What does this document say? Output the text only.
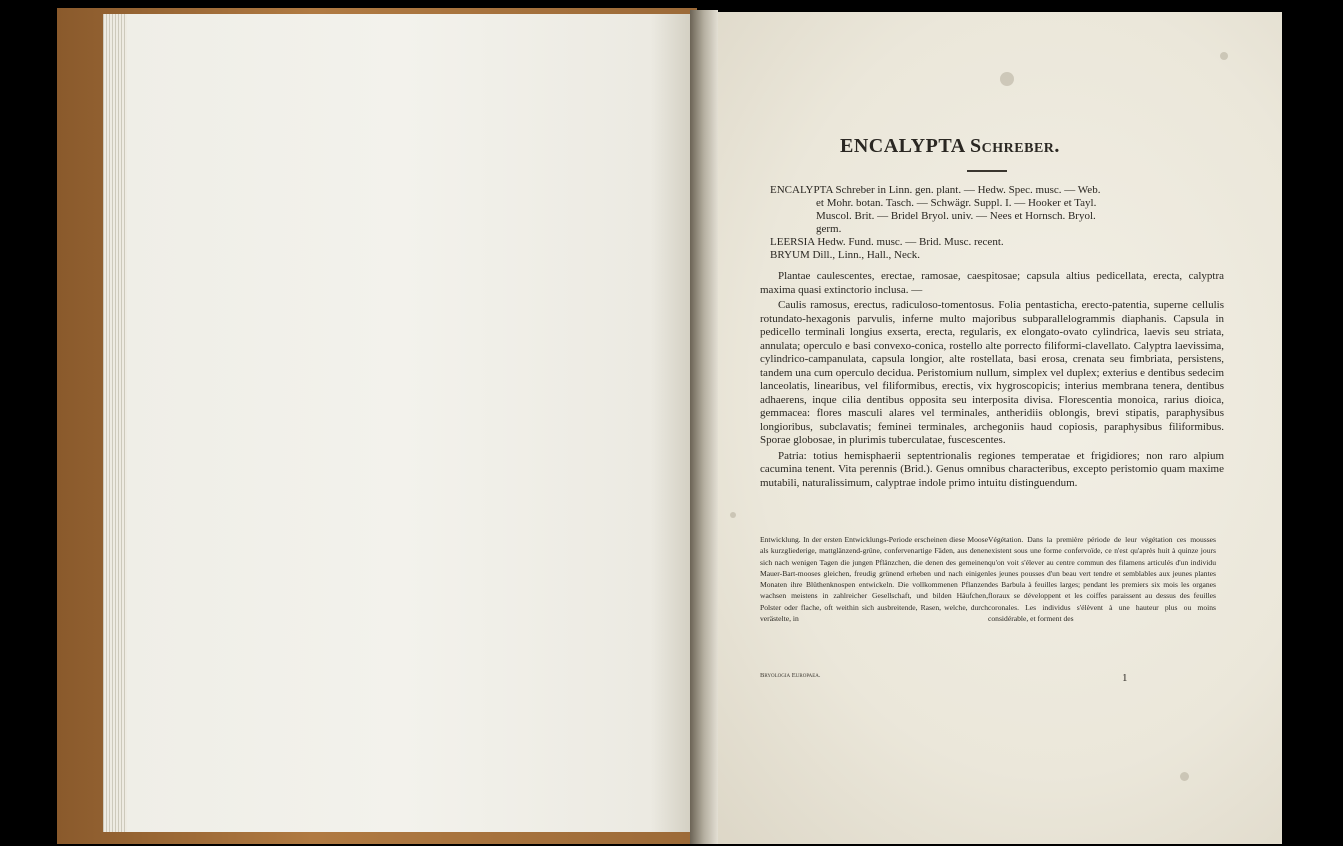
ENCALYPTA Schreber.
ENCALYPTA Schreber in Linn. gen. plant. — Hedw. Spec. musc. — Web.
et Mohr. botan. Tasch. — Schwägr. Suppl. I. — Hooker et Tayl.
Muscol. Brit. — Bridel Bryol. univ. — Nees et Hornsch. Bryol.
germ.
LEERSIA Hedw. Fund. musc. — Brid. Musc. recent.
BRYUM Dill., Linn., Hall., Neck.

Plantae caulescentes, erectae, ramosae, caespitosae; capsula altius pedicellata, erecta, calyptra maxima quasi extinctorio inclusa. —

Caulis ramosus, erectus, radiculoso-tomentosus. Folia pentasticha, erecto-patentia, superne cellulis rotundato-hexagonis parvulis, inferne multo majoribus subparallelogrammis diaphanis. Capsula in pedicello terminali longius exserta, erecta, regularis, ex elongato-ovato cylindrica, laevis seu striata, annulata; operculo e basi convexo-conica, rostello alte porrecto filiformi-clavellato. Calyptra laevissima, cylindrico-campanulata, capsula longior, alte rostellata, basi erosa, crenata seu fimbriata, persistens, tandem una cum operculo decidua. Peristomium nullum, simplex vel duplex; exterius e dentibus sedecim lanceolatis, linearibus, vel filiformibus, erectis, vix hygroscopicis; interius membrana tenera, dentibus adhaerens, inque cilia dentibus opposita seu interposita divisa. Florescentia monoica, rarius dioica, gemmacea: flores masculi alares vel terminales, antheridiis oblongis, brevi stipatis, paraphysibus longioribus, subclavatis; feminei terminales, archegoniis haud copiosis, paraphysibus filiformibus. Sporae globosae, in plurimis tuberculatae, fuscescentes.

Patria: totius hemisphaerii septentrionalis regiones temperatae et frigidiores; non raro alpium cacumina tenent. Vita perennis (Brid.). Genus omnibus characteribus, excepto peristomio quam maxime mutabili, naturalissimum, calyptrae indole primo intuitu distinguendum.

Entwicklung. In der ersten Entwicklungs-Periode erscheinen diese Moose als kurzgliederige, mattglänzend-grüne, confervenartige Fäden, aus denen sich nach wenigen Tagen die jungen Pflänzchen, die denen des gemeinen Mauer-Bart-mooses gleichen, freudig grünend erheben und nach einigen Monaten ihre Blüthenknospen entwickeln. Die vollkommenen Pflanzen wachsen meistens in zahlreicher Gesellschaft, und bilden Häufchen, Polster oder flache, oft weithin sich ausbreitende, Rasen, welche, durch verästelte, in
Végétation. Dans la première période de leur végétation ces mousses existent sous une forme confervoïde, ce n'est qu'après huit à quinze jours qu'on voit s'élever au centre commun des filamens articulés d'un individu les jeunes pousses d'un beau vert tendre et semblables aux jeunes plantes des Barbula à feuilles larges; pendant les premiers six mois les organes floraux se développent et les coiffes paraissent au dessus des feuilles coronales. Les individus s'élèvent à une hauteur plus ou moins considérable, et forment des
Bryologia Europaea.	1
